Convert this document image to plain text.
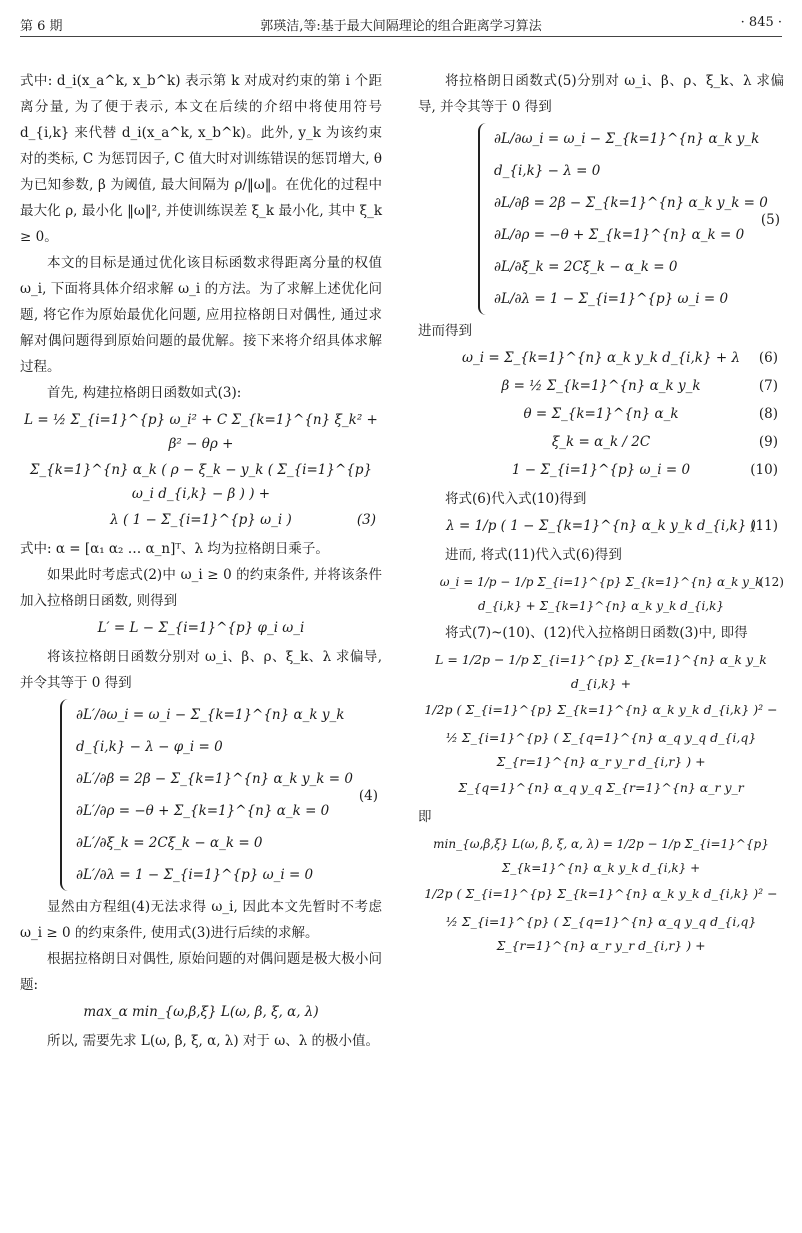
第 6 期	郭瑛洁,等:基于最大间隔理论的组合距离学习算法	· 845 ·

式中: d_i(x_a^k, x_b^k) 表示第 k 对成对约束的第 i 个距离分量, 为了便于表示, 本文在后续的介绍中将使用符号 d_{i,k} 来代替 d_i(x_a^k, x_b^k)。此外, y_k 为该约束对的类标, C 为惩罚因子, C 值大时对训练错误的惩罚增大, θ 为已知参数, β 为阈值, 最大间隔为 ρ/‖ω‖。在优化的过程中最大化 ρ, 最小化 ‖ω‖², 并使训练误差 ξ_k 最小化, 其中 ξ_k ≥ 0。

本文的目标是通过优化该目标函数求得距离分量的权值 ω_i, 下面将具体介绍求解 ω_i 的方法。为了求解上述优化问题, 将它作为原始最优化问题, 应用拉格朗日对偶性, 通过求解对偶问题得到原始问题的最优解。接下来将介绍具体求解过程。

首先, 构建拉格朗日函数如式(3):

L = ½ Σ_{i=1}^{p} ω_i² + C Σ_{k=1}^{n} ξ_k² + β² − θρ +
Σ_{k=1}^{n} α_k ( ρ − ξ_k − y_k ( Σ_{i=1}^{p} ω_i d_{i,k} − β ) ) +
λ ( 1 − Σ_{i=1}^{p} ω_i )	(3)

式中: α = [α₁ α₂ … α_n]ᵀ、λ 均为拉格朗日乘子。

如果此时考虑式(2)中 ω_i ≥ 0 的约束条件, 并将该条件加入拉格朗日函数, 则得到

L′ = L − Σ_{i=1}^{p} φ_i ω_i

将该拉格朗日函数分别对 ω_i、β、ρ、ξ_k、λ 求偏导, 并令其等于 0 得到

∂L′/∂ω_i = ω_i − Σ_{k=1}^{n} α_k y_k d_{i,k} − λ − φ_i = 0
∂L′/∂β = 2β − Σ_{k=1}^{n} α_k y_k = 0
∂L′/∂ρ = −θ + Σ_{k=1}^{n} α_k = 0
∂L′/∂ξ_k = 2Cξ_k − α_k = 0
∂L′/∂λ = 1 − Σ_{i=1}^{p} ω_i = 0
(4)

显然由方程组(4)无法求得 ω_i, 因此本文先暂时不考虑 ω_i ≥ 0 的约束条件, 使用式(3)进行后续的求解。

根据拉格朗日对偶性, 原始问题的对偶问题是极大极小问题:

max_α min_{ω,β,ξ} L(ω, β, ξ, α, λ)

所以, 需要先求 L(ω, β, ξ, α, λ) 对于 ω、λ 的极小值。

将拉格朗日函数式(5)分别对 ω_i、β、ρ、ξ_k、λ 求偏导, 并令其等于 0 得到

∂L/∂ω_i = ω_i − Σ_{k=1}^{n} α_k y_k d_{i,k} − λ = 0
∂L/∂β = 2β − Σ_{k=1}^{n} α_k y_k = 0
∂L/∂ρ = −θ + Σ_{k=1}^{n} α_k = 0
∂L/∂ξ_k = 2Cξ_k − α_k = 0
∂L/∂λ = 1 − Σ_{i=1}^{p} ω_i = 0
(5)

进而得到

ω_i = Σ_{k=1}^{n} α_k y_k d_{i,k} + λ (6)
β = ½ Σ_{k=1}^{n} α_k y_k	(7)
θ = Σ_{k=1}^{n} α_k	(8)
ξ_k = α_k / 2C	(9)
1 − Σ_{i=1}^{p} ω_i = 0	(10)

将式(6)代入式(10)得到

λ = 1/p ( 1 − Σ_{k=1}^{n} α_k y_k d_{i,k} )
(11)

进而, 将式(11)代入式(6)得到

ω_i = 1/p − 1/p Σ_{i=1}^{p} Σ_{k=1}^{n} α_k y_k d_{i,k} + Σ_{k=1}^{n} α_k y_k d_{i,k}
(12)

将式(7)~(10)、(12)代入拉格朗日函数(3)中, 即得

L = 1/2p − 1/p Σ_{i=1}^{p} Σ_{k=1}^{n} α_k y_k d_{i,k} +
1/2p ( Σ_{i=1}^{p} Σ_{k=1}^{n} α_k y_k d_{i,k} )² −
½ Σ_{i=1}^{p} ( Σ_{q=1}^{n} α_q y_q d_{i,q} Σ_{r=1}^{n} α_r y_r d_{i,r} ) +
Σ_{q=1}^{n} α_q y_q Σ_{r=1}^{n} α_r y_r

即

min_{ω,β,ξ} L(ω, β, ξ, α, λ) = 1/2p − 1/p Σ_{i=1}^{p} Σ_{k=1}^{n} α_k y_k d_{i,k} +
1/2p ( Σ_{i=1}^{p} Σ_{k=1}^{n} α_k y_k d_{i,k} )² −
½ Σ_{i=1}^{p} ( Σ_{q=1}^{n} α_q y_q d_{i,q} Σ_{r=1}^{n} α_r y_r d_{i,r} ) +
